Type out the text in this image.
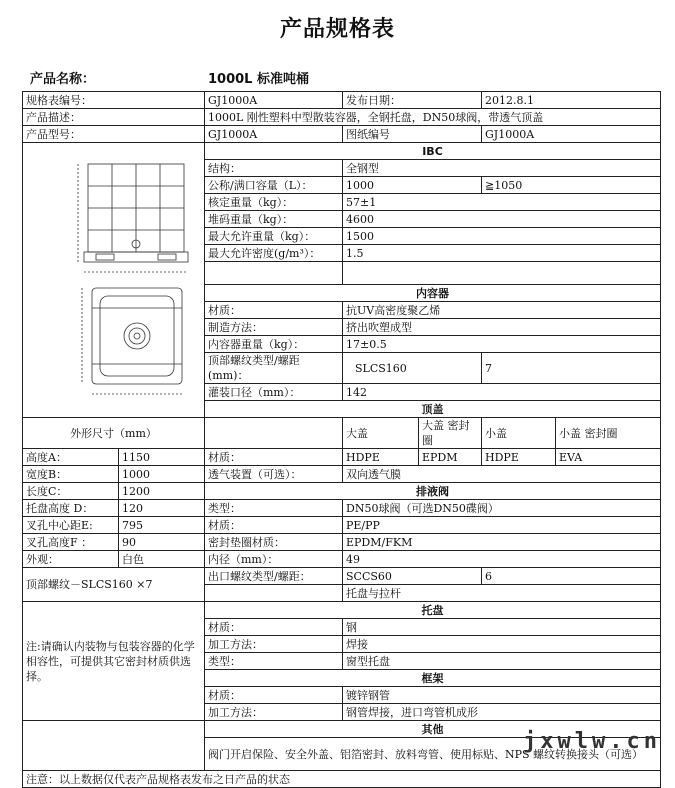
产品规格表
产品名称：	1000L 标准吨桶
规格表编号：		GJ1000A	发布日期：		2012.8.1	
产品描述：		1000L 刚性塑料中型散装容器，全钢托盘，DN50球阀，带透气顶盖				
产品型号：		GJ1000A	图纸编号		GJ1000A	
	IBC				
		结构：	全钢型			
		公称/满口容量（L）：	1000		≧1050	
		核定重量（kg）：	57±1			
		堆码重量（kg）：	4600			
		最大允许重量（kg）：	1500			
		最大允许密度(g/m³）：	1.5			

		内容器				
		材质：	抗UV高密度聚乙烯			
		制造方法：	挤出吹塑成型			
		内容器重量（kg）：	17±0.5			
		顶部螺纹类型/螺距(mm)：	SLCS160		7	
		灌装口径（mm）：	142			
		顶盖				
外形尺寸（mm）			大盖	大盖 密封圈	小盖	小盖 密封圈
高度A：	1150	材质：	HDPE	EPDM	HDPE	EVA
宽度B：	1000	透气装置（可选）：	双向透气膜			
长度C：	1200	排液阀				
托盘高度 D：	120	类型：	DN50球阀（可选DN50碟阀）			
叉孔中心距E:	795	材质：	PE/PP			
叉孔高度F ：	90	密封垫圈材质：	EPDM/FKM			
外观：	白色	内径（mm）：	49			
顶部螺纹－SLCS160 ×7		出口螺纹类型/螺距：	SCCS60		6	
			托盘与拉杆			
注:请确认内装物与包装容器的化学相容性，可提供其它密封材质供选择。		托盘				
		材质：	钢			
		加工方法：	焊接			
		类型：	窗型托盘			
		框架				
		材质：	镀锌钢管			
		加工方法：	钢管焊接，进口弯管机成形			
		其他				
		阀门开启保险、安全外盖、铝箔密封、放料弯管、使用标贴、NPS 螺纹转换接头（可选）				
注意：以上数据仅代表产品规格表发布之日产品的状态						
jxwlw.cn
